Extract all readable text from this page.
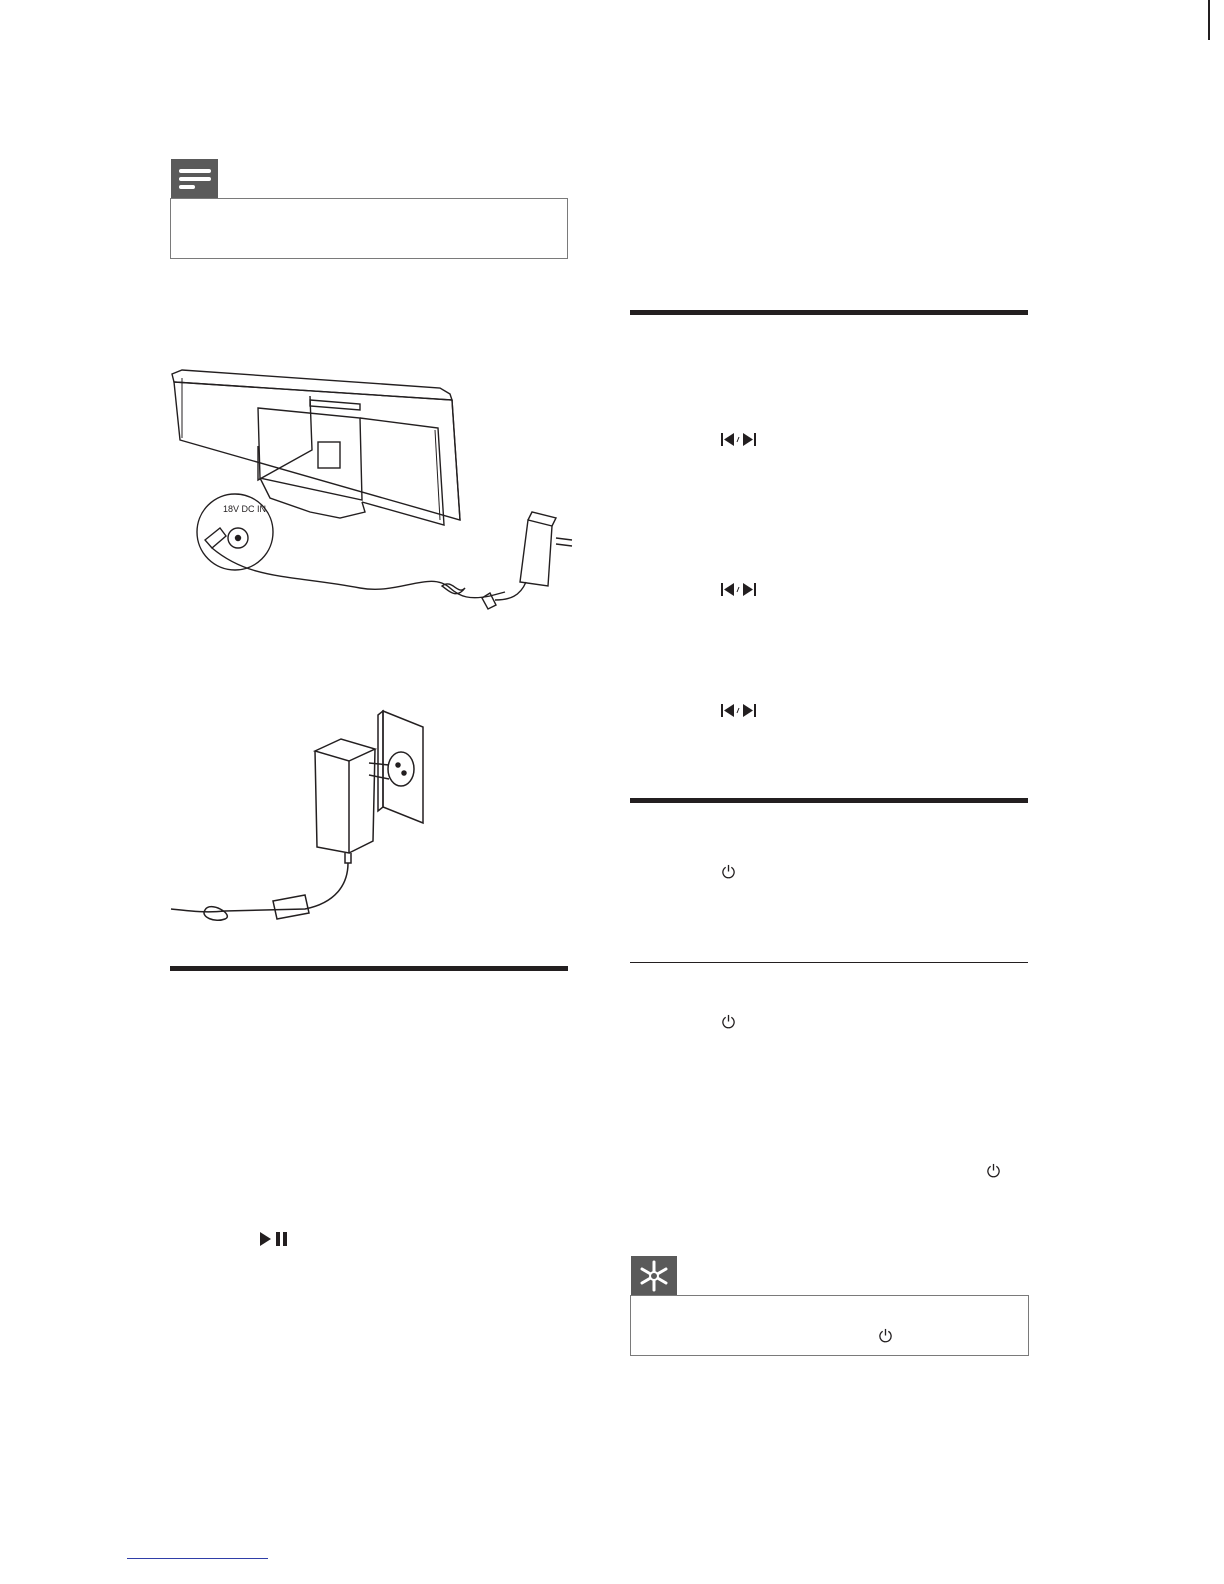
18V DC IN
